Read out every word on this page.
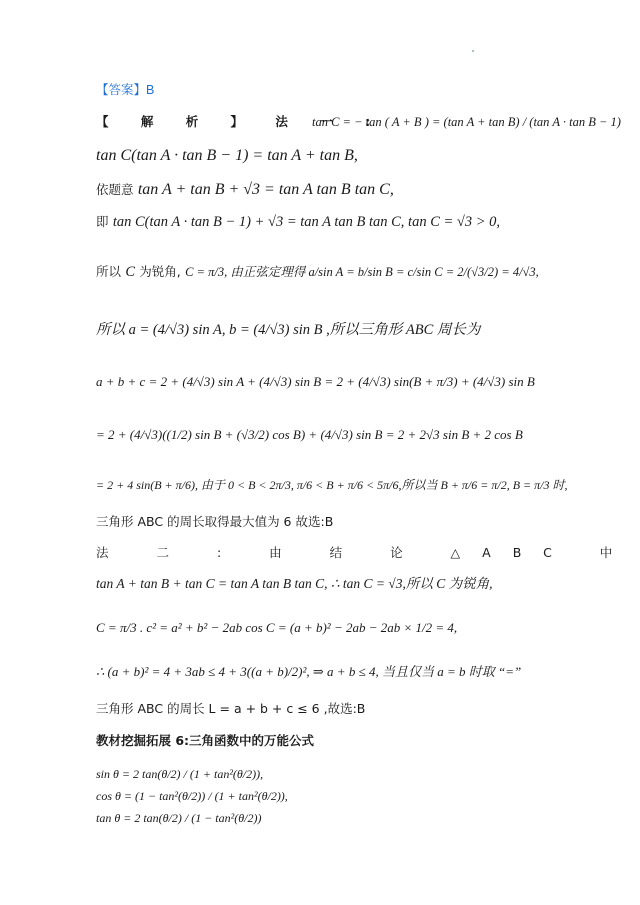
【答案】B
【 解 析 】 法 一 :
tan C = − tan ( A + B ) = (tan A + tan B) / (tan A · tan B − 1)
tan C(tan A · tan B − 1) = tan A + tan B,
依题意 tan A + tan B + √3 = tan A tan B tan C,
即 tan C(tan A · tan B − 1) + √3 = tan A tan B tan C, tan C = √3 > 0,
所以 C 为锐角, C = π/3, 由正弦定理得 a/sin A = b/sin B = c/sin C = 2/(√3/2) = 4/√3,
所以 a = (4/√3) sin A, b = (4/√3) sin B ,所以三角形 ABC 周长为
a + b + c = 2 + (4/√3) sin A + (4/√3) sin B = 2 + (4/√3) sin(B + π/3) + (4/√3) sin B
= 2 + (4/√3)((1/2) sin B + (√3/2) cos B) + (4/√3) sin B = 2 + 2√3 sin B + 2 cos B
= 2 + 4 sin(B + π/6), 由于 0 < B < 2π/3, π/6 < B + π/6 < 5π/6,所以当 B + π/6 = π/2, B = π/3 时,
三角形 ABC 的周长取得最大值为 6 故选:B
法 二 : 由 结 论 △ABC 中
tan A + tan B + tan C = tan A tan B tan C, ∴ tan C = √3,所以 C 为锐角,
C = π/3 . c² = a² + b² − 2ab cos C = (a + b)² − 2ab − 2ab × 1/2 = 4,
∴ (a + b)² = 4 + 3ab ≤ 4 + 3((a + b)/2)², ⇒ a + b ≤ 4, 当且仅当 a = b 时取 “=”
三角形 ABC 的周长 L = a + b + c ≤ 6 ,故选:B
教材挖掘拓展 6:三角函数中的万能公式
sin θ = 2 tan(θ/2) / (1 + tan²(θ/2)),
cos θ = (1 − tan²(θ/2)) / (1 + tan²(θ/2)),
tan θ = 2 tan(θ/2) / (1 − tan²(θ/2))
